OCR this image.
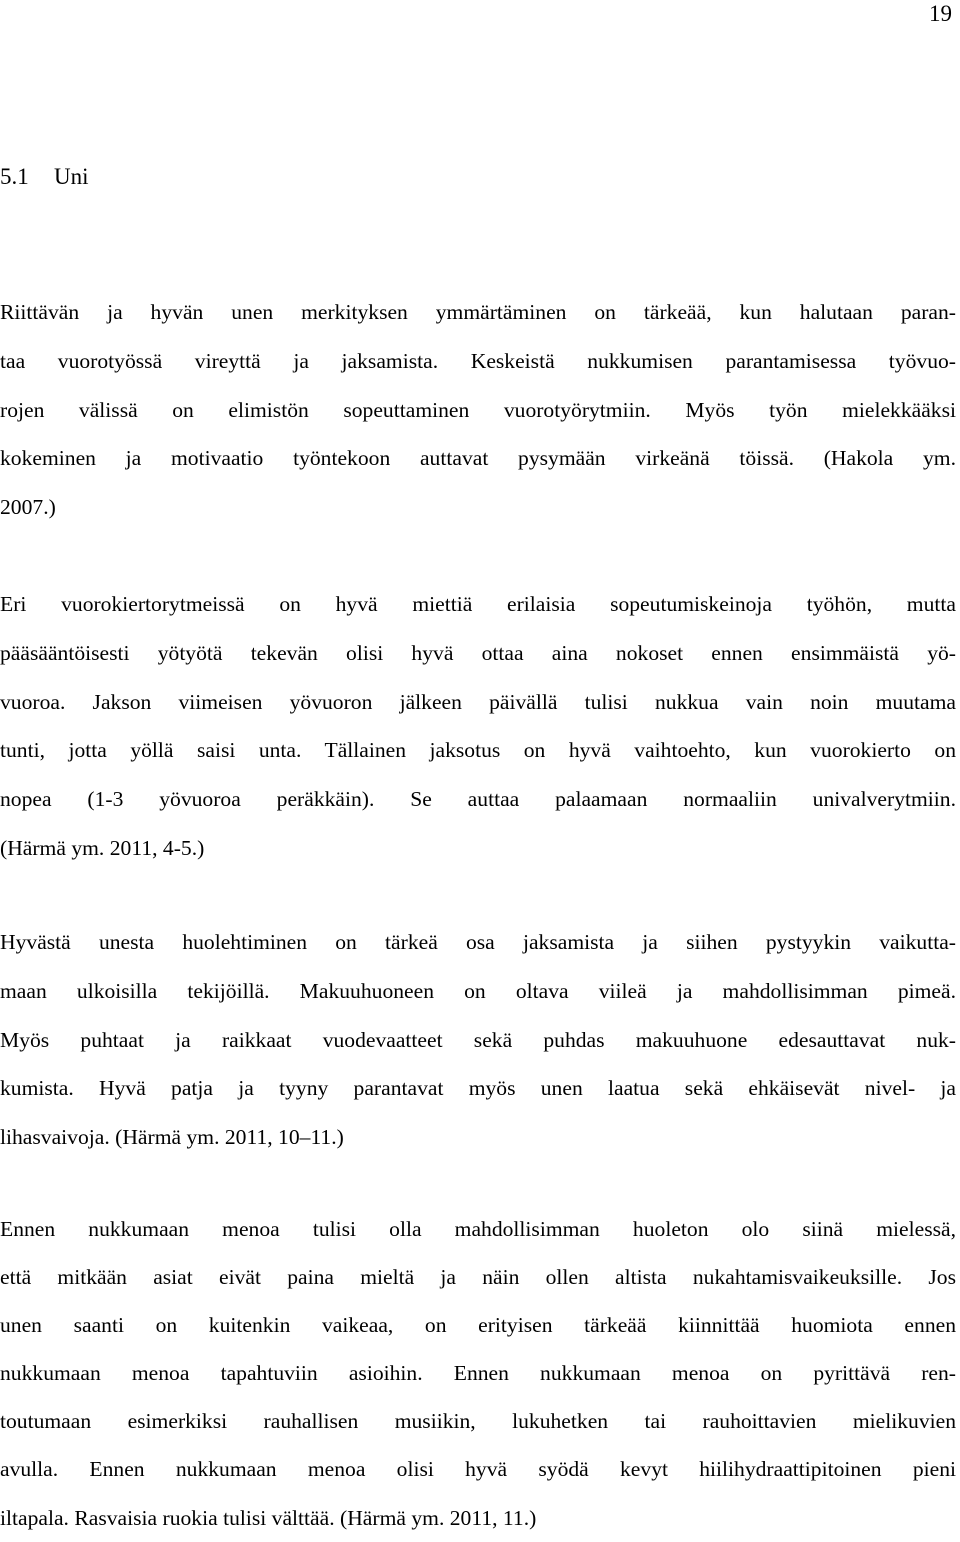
19
5.1 Uni
Riittävän ja hyvän unen merkityksen ymmärtäminen on tärkeää, kun halutaan paran-
taa vuorotyössä vireyttä ja jaksamista. Keskeistä nukkumisen parantamisessa työvuo-
rojen välissä on elimistön sopeuttaminen vuorotyörytmiin. Myös työn mielekkääksi
kokeminen ja motivaatio työntekoon auttavat pysymään virkeänä töissä. (Hakola ym.
2007.)
Eri vuorokiertorytmeissä on hyvä miettiä erilaisia sopeutumiskeinoja työhön, mutta
pääsääntöisesti yötyötä tekevän olisi hyvä ottaa aina nokoset ennen ensimmäistä yö-
vuoroa. Jakson viimeisen yövuoron jälkeen päivällä tulisi nukkua vain noin muutama
tunti, jotta yöllä saisi unta. Tällainen jaksotus on hyvä vaihtoehto, kun vuorokierto on
nopea (1-3 yövuoroa peräkkäin). Se auttaa palaamaan normaaliin univalverytmiin.
(Härmä ym. 2011, 4-5.)
Hyvästä unesta huolehtiminen on tärkeä osa jaksamista ja siihen pystyykin vaikutta-
maan ulkoisilla tekijöillä. Makuuhuoneen on oltava viileä ja mahdollisimman pimeä.
Myös puhtaat ja raikkaat vuodevaatteet sekä puhdas makuuhuone edesauttavat nuk-
kumista. Hyvä patja ja tyyny parantavat myös unen laatua sekä ehkäisevät nivel- ja
lihasvaivoja. (Härmä ym. 2011, 10–11.)
Ennen nukkumaan menoa tulisi olla mahdollisimman huoleton olo siinä mielessä,
että mitkään asiat eivät paina mieltä ja näin ollen altista nukahtamisvaikeuksille. Jos
unen saanti on kuitenkin vaikeaa, on erityisen tärkeää kiinnittää huomiota ennen
nukkumaan menoa tapahtuviin asioihin. Ennen nukkumaan menoa on pyrittävä ren-
toutumaan esimerkiksi rauhallisen musiikin, lukuhetken tai rauhoittavien mielikuvien
avulla. Ennen nukkumaan menoa olisi hyvä syödä kevyt hiilihydraattipitoinen pieni
iltapala. Rasvaisia ruokia tulisi välttää. (Härmä ym. 2011, 11.)
